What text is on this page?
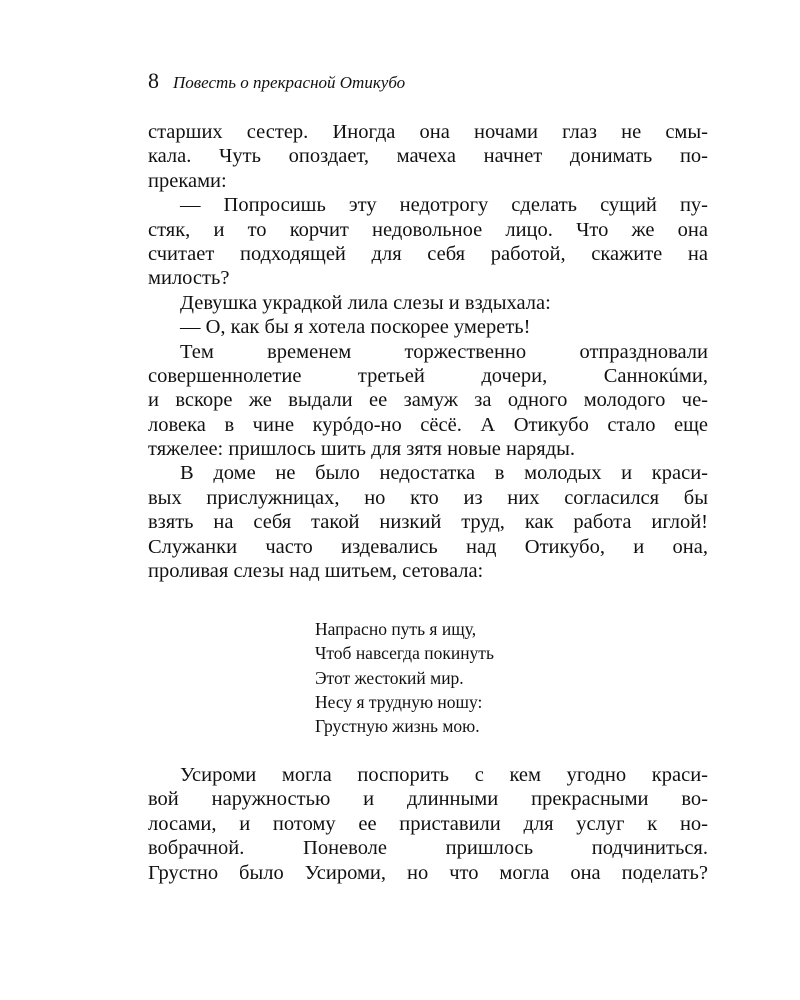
8 Повесть о прекрасной Отикубо
старших сестер. Иногда она ночами глаз не смы-
кала. Чуть опоздает, мачеха начнет донимать по-
преками:
— Попросишь эту недотрогу сделать сущий пу-
стяк, и то корчит недовольное лицо. Что же она
считает подходящей для себя работой, скажите на
милость?
Девушка украдкой лила слезы и вздыхала:
— О, как бы я хотела поскорее умереть!
Тем временем торжественно отпраздновали
совершеннолетие третьей дочери, Саннокúми,
и вскоре же выдали ее замуж за одного молодого че-
ловека в чине курóдо-но сёсё. А Отикубо стало еще
тяжелее: пришлось шить для зятя новые наряды.
В доме не было недостатка в молодых и краси-
вых прислужницах, но кто из них согласился бы
взять на себя такой низкий труд, как работа иглой!
Служанки часто издевались над Отикубо, и она,
проливая слезы над шитьем, сетовала:
Напрасно путь я ищу,
Чтоб навсегда покинуть
Этот жестокий мир.
Несу я трудную ношу:
Грустную жизнь мою.
Усироми могла поспорить с кем угодно краси-
вой наружностью и длинными прекрасными во-
лосами, и потому ее приставили для услуг к но-
вобрачной. Поневоле пришлось подчиниться.
Грустно было Усироми, но что могла она поделать?
